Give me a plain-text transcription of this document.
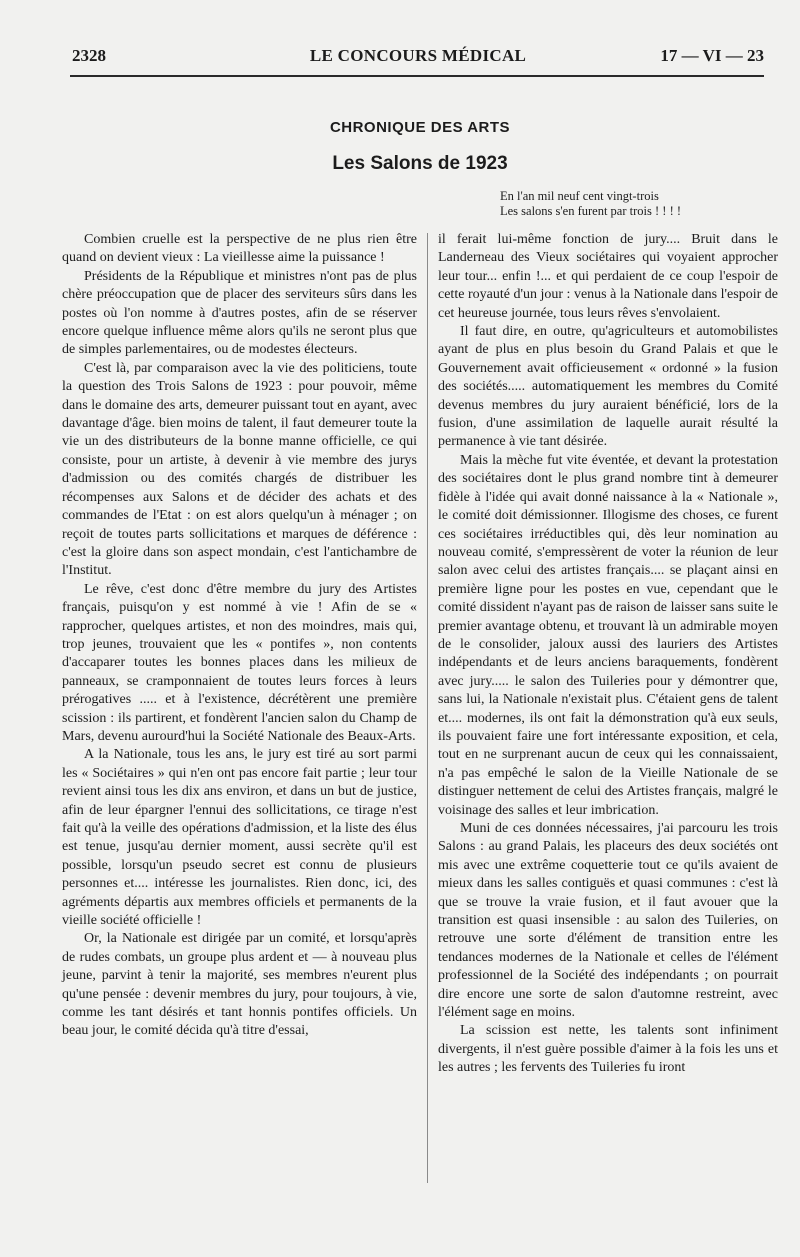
2328	LE CONCOURS MÉDICAL	17 — VI — 23
CHRONIQUE DES ARTS
Les Salons de 1923
En l'an mil neuf cent vingt-trois
Les salons s'en furent par trois ! ! ! !

Combien cruelle est la perspective de ne plus rien être quand on devient vieux : La vieillesse aime la puissance !

Présidents de la République et ministres n'ont pas de plus chère préoccupation que de placer des serviteurs sûrs dans les postes où l'on nomme à d'autres postes, afin de se réserver encore quelque influence même alors qu'ils ne seront plus que de simples parlementaires, ou de modestes électeurs.

C'est là, par comparaison avec la vie des politiciens, toute la question des Trois Salons de 1923 : pour pouvoir, même dans le domaine des arts, demeurer puissant tout en ayant, avec davantage d'âge. bien moins de talent, il faut demeurer toute la vie un des distributeurs de la bonne manne officielle, ce qui consiste, pour un artiste, à devenir à vie membre des jurys d'admission ou des comités chargés de distribuer les récompenses aux Salons et de décider des achats et des commandes de l'Etat : on est alors quelqu'un à ménager ; on reçoit de toutes parts sollicitations et marques de déférence : c'est la gloire dans son aspect mondain, c'est l'antichambre de l'Institut.

Le rêve, c'est donc d'être membre du jury des Artistes français, puisqu'on y est nommé à vie ! Afin de se « rapprocher, quelques artistes, et non des moindres, mais qui, trop jeunes, trouvaient que les « pontifes », non contents d'accaparer toutes les bonnes places dans les milieux de panneaux, se cramponnaient de toutes leurs forces à leurs prérogatives ..... et à l'existence, décrétèrent une première scission : ils partirent, et fondèrent l'ancien salon du Champ de Mars, devenu aurourd'hui la Société Nationale des Beaux-Arts.

A la Nationale, tous les ans, le jury est tiré au sort parmi les « Sociétaires » qui n'en ont pas encore fait partie ; leur tour revient ainsi tous les dix ans environ, et dans un but de justice, afin de leur épargner l'ennui des sollicitations, ce tirage n'est fait qu'à la veille des opérations d'admission, et la liste des élus est tenue, jusqu'au dernier moment, aussi secrète qu'il est possible, lorsqu'un pseudo secret est connu de plusieurs personnes et.... intéresse les journalistes. Rien donc, ici, des agréments départis aux membres officiels et permanents de la vieille société officielle !

Or, la Nationale est dirigée par un comité, et lorsqu'après de rudes combats, un groupe plus ardent et — à nouveau plus jeune, parvint à tenir la majorité, ses membres n'eurent plus qu'une pensée : devenir membres du jury, pour toujours, à vie, comme les tant désirés et tant honnis pontifes officiels. Un beau jour, le comité décida qu'à titre d'essai,

il ferait lui-même fonction de jury.... Bruit dans le Landerneau des Vieux sociétaires qui voyaient approcher leur tour... enfin !... et qui perdaient de ce coup l'espoir de cette royauté d'un jour : venus à la Nationale dans l'espoir de cet heureuse journée, tous leurs rêves s'envolaient.

Il faut dire, en outre, qu'agriculteurs et automobilistes ayant de plus en plus besoin du Grand Palais et que le Gouvernement avait officieusement « ordonné » la fusion des sociétés..... automatiquement les membres du Comité devenus membres du jury auraient bénéficié, lors de la fusion, d'une assimilation de laquelle aurait résulté la permanence à vie tant désirée.

Mais la mèche fut vite éventée, et devant la protestation des sociétaires dont le plus grand nombre tint à demeurer fidèle à l'idée qui avait donné naissance à la « Nationale », le comité doit démissionner. Illogisme des choses, ce furent ces sociétaires irréductibles qui, dès leur nomination au nouveau comité, s'empressèrent de voter la réunion de leur salon avec celui des artistes français.... se plaçant ainsi en première ligne pour les postes en vue, cependant que le comité dissident n'ayant pas de raison de laisser sans suite le premier avantage obtenu, et trouvant là un admirable moyen de le consolider, jaloux aussi des lauriers des Artistes indépendants et de leurs anciens baraquements, fondèrent avec jury..... le salon des Tuileries pour y démontrer que, sans lui, la Nationale n'existait plus. C'étaient gens de talent et.... modernes, ils ont fait la démonstration qu'à eux seuls, ils pouvaient faire une fort intéressante exposition, et cela, tout en ne surprenant aucun de ceux qui les connaissaient, n'a pas empêché le salon de la Vieille Nationale de se distinguer nettement de celui des Artistes français, malgré le voisinage des salles et leur imbrication.

Muni de ces données nécessaires, j'ai parcouru les trois Salons : au grand Palais, les placeurs des deux sociétés ont mis avec une extrême coquetterie tout ce qu'ils avaient de mieux dans les salles contiguës et quasi communes : c'est là que se trouve la vraie fusion, et il faut avouer que la transition est quasi insensible : au salon des Tuileries, on retrouve une sorte d'élément de transition entre les tendances modernes de la Nationale et celles de l'élément professionnel de la Société des indépendants ; on pourrait dire encore une sorte de salon d'automne restreint, avec l'élément sage en moins.

La scission est nette, les talents sont infiniment divergents, il n'est guère possible d'aimer à la fois les uns et les autres ; les fervents des Tuileries fu iront
